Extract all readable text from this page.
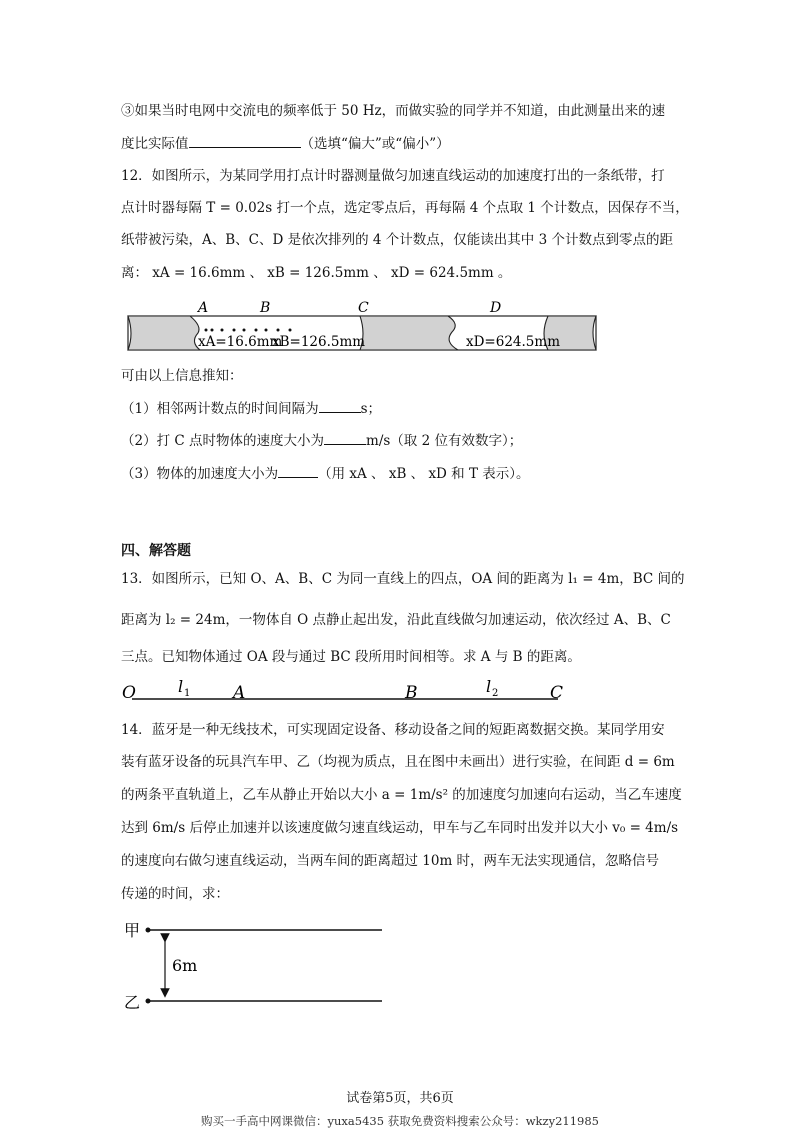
③如果当时电网中交流电的频率低于 50 Hz，而做实验的同学并不知道，由此测量出来的速
度比实际值	（选填“偏大”或“偏小”）
12．如图所示，为某同学用打点计时器测量做匀加速直线运动的加速度打出的一条纸带，打
点计时器每隔 T = 0.02s 打一个点，选定零点后，再每隔 4 个点取 1 个计数点，因保存不当，
纸带被污染，A、B、C、D 是依次排列的 4 个计数点，仅能读出其中 3 个计数点到零点的距
离： xA = 16.6mm 、 xB = 126.5mm 、 xD = 624.5mm 。
A	B	C	D
xA=16.6mm
xB=126.5mm	xD=624.5mm
可由以上信息推知：
（1）相邻两计数点的时间间隔为	s；
（2）打 C 点时物体的速度大小为	m/s（取 2 位有效数字）；
（3）物体的加速度大小为	（用 xA 、 xB 、 xD 和 T 表示）。
四、解答题
13．如图所示，已知 O、A、B、C 为同一直线上的四点，OA 间的距离为 l₁ = 4m，BC 间的
距离为 l₂ = 24m，一物体自 O 点静止起出发，沿此直线做匀加速运动，依次经过 A、B、C
三点。已知物体通过 OA 段与通过 BC 段所用时间相等。求 A 与 B 的距离。
O	l 1	A	B	l 2	C
14．蓝牙是一种无线技术，可实现固定设备、移动设备之间的短距离数据交换。某同学用安
装有蓝牙设备的玩具汽车甲、乙（均视为质点，且在图中未画出）进行实验，在间距 d = 6m
的两条平直轨道上，乙车从静止开始以大小 a = 1m/s² 的加速度匀加速向右运动，当乙车速度
达到 6m/s 后停止加速并以该速度做匀速直线运动，甲车与乙车同时出发并以大小 v₀ = 4m/s
的速度向右做匀速直线运动，当两车间的距离超过 10m 时，两车无法实现通信，忽略信号
传递的时间，求：
甲
乙
6m
试卷第5页，共6页
购买一手高中网课微信：yuxa5435 获取免费资料搜索公众号：wkzy211985
